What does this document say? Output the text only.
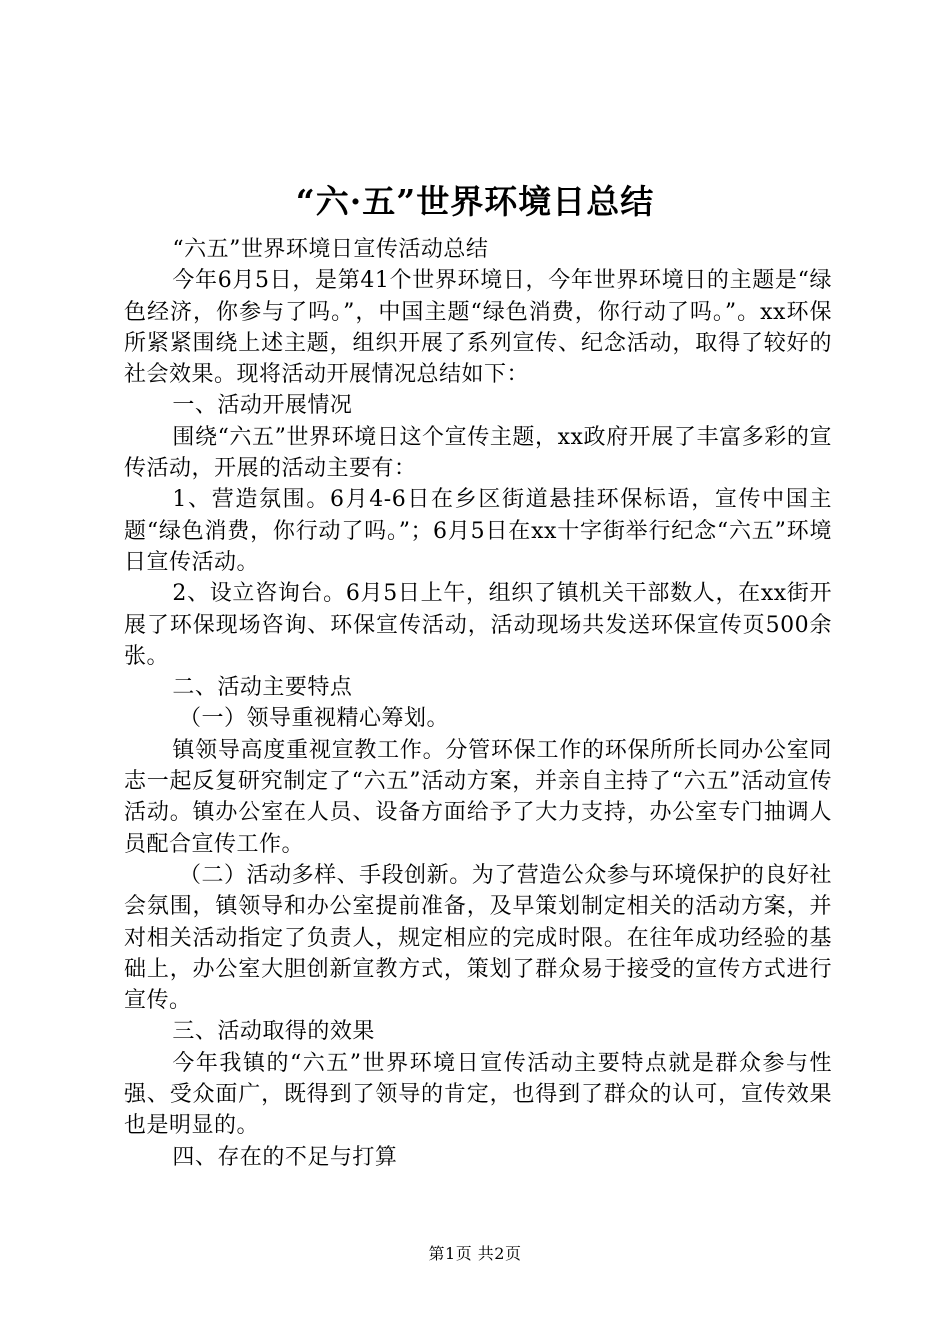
“六·五”世界环境日总结

“六五”世界环境日宣传活动总结

今年6月5日，是第41个世界环境日，今年世界环境日的主题是“绿色经济，你参与了吗。”，中国主题“绿色消费，你行动了吗。”。xx环保所紧紧围绕上述主题，组织开展了系列宣传、纪念活动，取得了较好的社会效果。现将活动开展情况总结如下：

一、活动开展情况

围绕“六五”世界环境日这个宣传主题，xx政府开展了丰富多彩的宣传活动，开展的活动主要有：

1、营造氛围。6月4-6日在乡区街道悬挂环保标语，宣传中国主题“绿色消费，你行动了吗。”；6月5日在xx十字街举行纪念“六五”环境日宣传活动。

2、设立咨询台。6月5日上午，组织了镇机关干部数人，在xx街开展了环保现场咨询、环保宣传活动，活动现场共发送环保宣传页500余张。

二、活动主要特点

（一）领导重视精心筹划。

镇领导高度重视宣教工作。分管环保工作的环保所所长同办公室同志一起反复研究制定了“六五”活动方案，并亲自主持了“六五”活动宣传活动。镇办公室在人员、设备方面给予了大力支持，办公室专门抽调人员配合宣传工作。

（二）活动多样、手段创新。为了营造公众参与环境保护的良好社会氛围，镇领导和办公室提前准备，及早策划制定相关的活动方案，并对相关活动指定了负责人，规定相应的完成时限。在往年成功经验的基础上，办公室大胆创新宣教方式，策划了群众易于接受的宣传方式进行宣传。

三、活动取得的效果

今年我镇的“六五”世界环境日宣传活动主要特点就是群众参与性强、受众面广，既得到了领导的肯定，也得到了群众的认可，宣传效果也是明显的。

四、存在的不足与打算

第1页 共2页
